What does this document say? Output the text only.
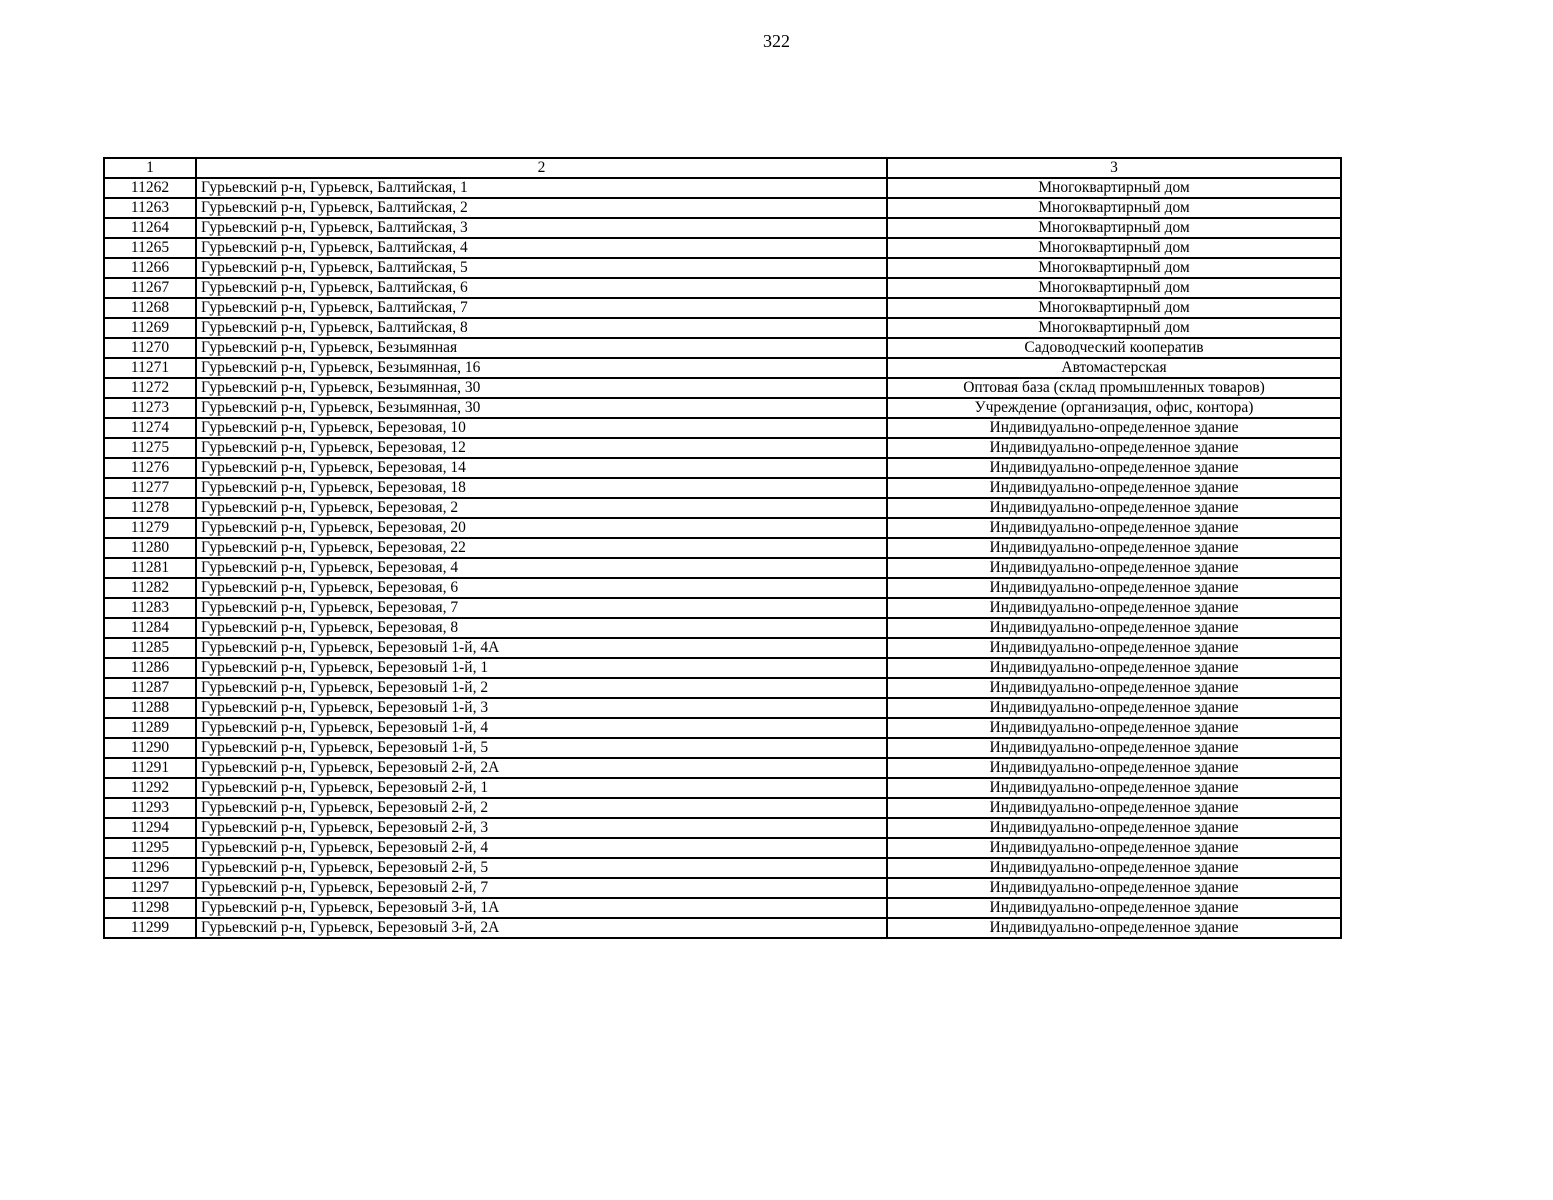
322
1	2	3
11262	Гурьевский р-н, Гурьевск, Балтийская, 1	Многоквартирный дом
11263	Гурьевский р-н, Гурьевск, Балтийская, 2	Многоквартирный дом
11264	Гурьевский р-н, Гурьевск, Балтийская, 3	Многоквартирный дом
11265	Гурьевский р-н, Гурьевск, Балтийская, 4	Многоквартирный дом
11266	Гурьевский р-н, Гурьевск, Балтийская, 5	Многоквартирный дом
11267	Гурьевский р-н, Гурьевск, Балтийская, 6	Многоквартирный дом
11268	Гурьевский р-н, Гурьевск, Балтийская, 7	Многоквартирный дом
11269	Гурьевский р-н, Гурьевск, Балтийская, 8	Многоквартирный дом
11270	Гурьевский р-н, Гурьевск, Безымянная	Садоводческий кооператив
11271	Гурьевский р-н, Гурьевск, Безымянная, 16	Автомастерская
11272	Гурьевский р-н, Гурьевск, Безымянная, 30	Оптовая база (склад промышленных товаров)
11273	Гурьевский р-н, Гурьевск, Безымянная, 30	Учреждение (организация, офис, контора)
11274	Гурьевский р-н, Гурьевск, Березовая, 10	Индивидуально-определенное здание
11275	Гурьевский р-н, Гурьевск, Березовая, 12	Индивидуально-определенное здание
11276	Гурьевский р-н, Гурьевск, Березовая, 14	Индивидуально-определенное здание
11277	Гурьевский р-н, Гурьевск, Березовая, 18	Индивидуально-определенное здание
11278	Гурьевский р-н, Гурьевск, Березовая, 2	Индивидуально-определенное здание
11279	Гурьевский р-н, Гурьевск, Березовая, 20	Индивидуально-определенное здание
11280	Гурьевский р-н, Гурьевск, Березовая, 22	Индивидуально-определенное здание
11281	Гурьевский р-н, Гурьевск, Березовая, 4	Индивидуально-определенное здание
11282	Гурьевский р-н, Гурьевск, Березовая, 6	Индивидуально-определенное здание
11283	Гурьевский р-н, Гурьевск, Березовая, 7	Индивидуально-определенное здание
11284	Гурьевский р-н, Гурьевск, Березовая, 8	Индивидуально-определенное здание
11285	Гурьевский р-н, Гурьевск, Березовый 1-й, 4А	Индивидуально-определенное здание
11286	Гурьевский р-н, Гурьевск, Березовый 1-й, 1	Индивидуально-определенное здание
11287	Гурьевский р-н, Гурьевск, Березовый 1-й, 2	Индивидуально-определенное здание
11288	Гурьевский р-н, Гурьевск, Березовый 1-й, 3	Индивидуально-определенное здание
11289	Гурьевский р-н, Гурьевск, Березовый 1-й, 4	Индивидуально-определенное здание
11290	Гурьевский р-н, Гурьевск, Березовый 1-й, 5	Индивидуально-определенное здание
11291	Гурьевский р-н, Гурьевск, Березовый 2-й, 2А	Индивидуально-определенное здание
11292	Гурьевский р-н, Гурьевск, Березовый 2-й, 1	Индивидуально-определенное здание
11293	Гурьевский р-н, Гурьевск, Березовый 2-й, 2	Индивидуально-определенное здание
11294	Гурьевский р-н, Гурьевск, Березовый 2-й, 3	Индивидуально-определенное здание
11295	Гурьевский р-н, Гурьевск, Березовый 2-й, 4	Индивидуально-определенное здание
11296	Гурьевский р-н, Гурьевск, Березовый 2-й, 5	Индивидуально-определенное здание
11297	Гурьевский р-н, Гурьевск, Березовый 2-й, 7	Индивидуально-определенное здание
11298	Гурьевский р-н, Гурьевск, Березовый 3-й, 1А	Индивидуально-определенное здание
11299	Гурьевский р-н, Гурьевск, Березовый 3-й, 2А	Индивидуально-определенное здание
